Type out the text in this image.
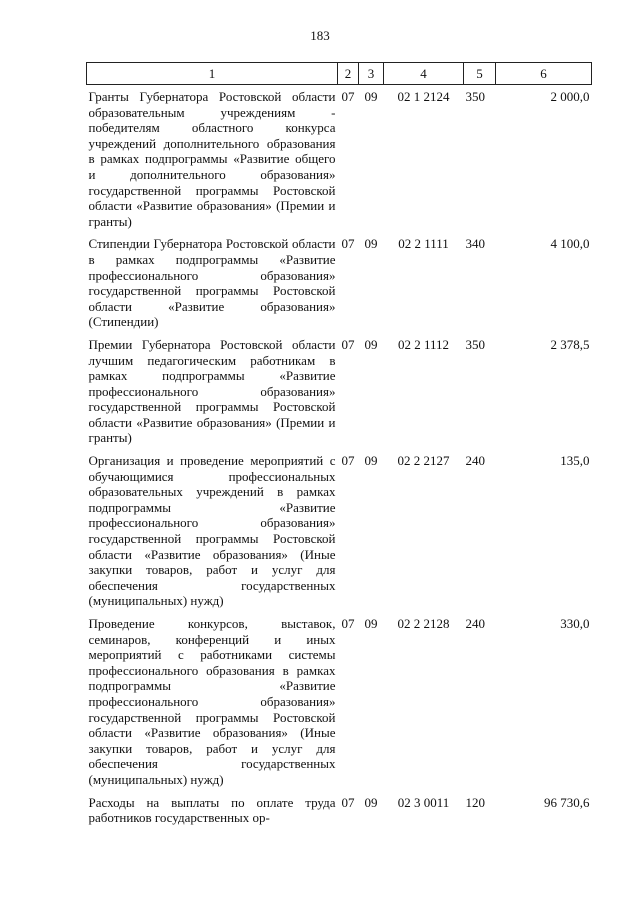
183
1	2	3	4	5	6

Гранты Губернатора Ростовской области образовательным учреждениям - победителям областного конкурса учреждений дополнительного образования в рамках подпрограммы «Развитие общего и дополнительного образования» государственной программы Ростовской области «Развитие образования» (Премии и гранты)	07	09	02 1 2124	350	2 000,0
Стипендии Губернатора Ростовской области в рамках подпрограммы «Развитие профессионального образования» государственной программы Ростовской области «Развитие образования» (Стипендии)	07	09	02 2 1111	340	4 100,0
Премии Губернатора Ростовской области лучшим педагогическим работникам в рамках подпрограммы «Развитие профессионального образования» государственной программы Ростовской области «Развитие образования» (Премии и гранты)	07	09	02 2 1112	350	2 378,5
Организация и проведение мероприятий с обучающимися профессиональных образовательных учреждений в рамках подпрограммы «Развитие профессионального образования» государственной программы Ростовской области «Развитие образования» (Иные закупки товаров, работ и услуг для обеспечения государственных (муниципальных) нужд)	07	09	02 2 2127	240	135,0
Проведение конкурсов, выставок, семинаров, конференций и иных мероприятий с работниками системы профессионального образования в рамках подпрограммы «Развитие профессионального образования» государственной программы Ростовской области «Развитие образования» (Иные закупки товаров, работ и услуг для обеспечения государственных (муниципальных) нужд)	07	09	02 2 2128	240	330,0
Расходы на выплаты по оплате труда работников государственных ор-	07	09	02 3 0011	120	96 730,6
